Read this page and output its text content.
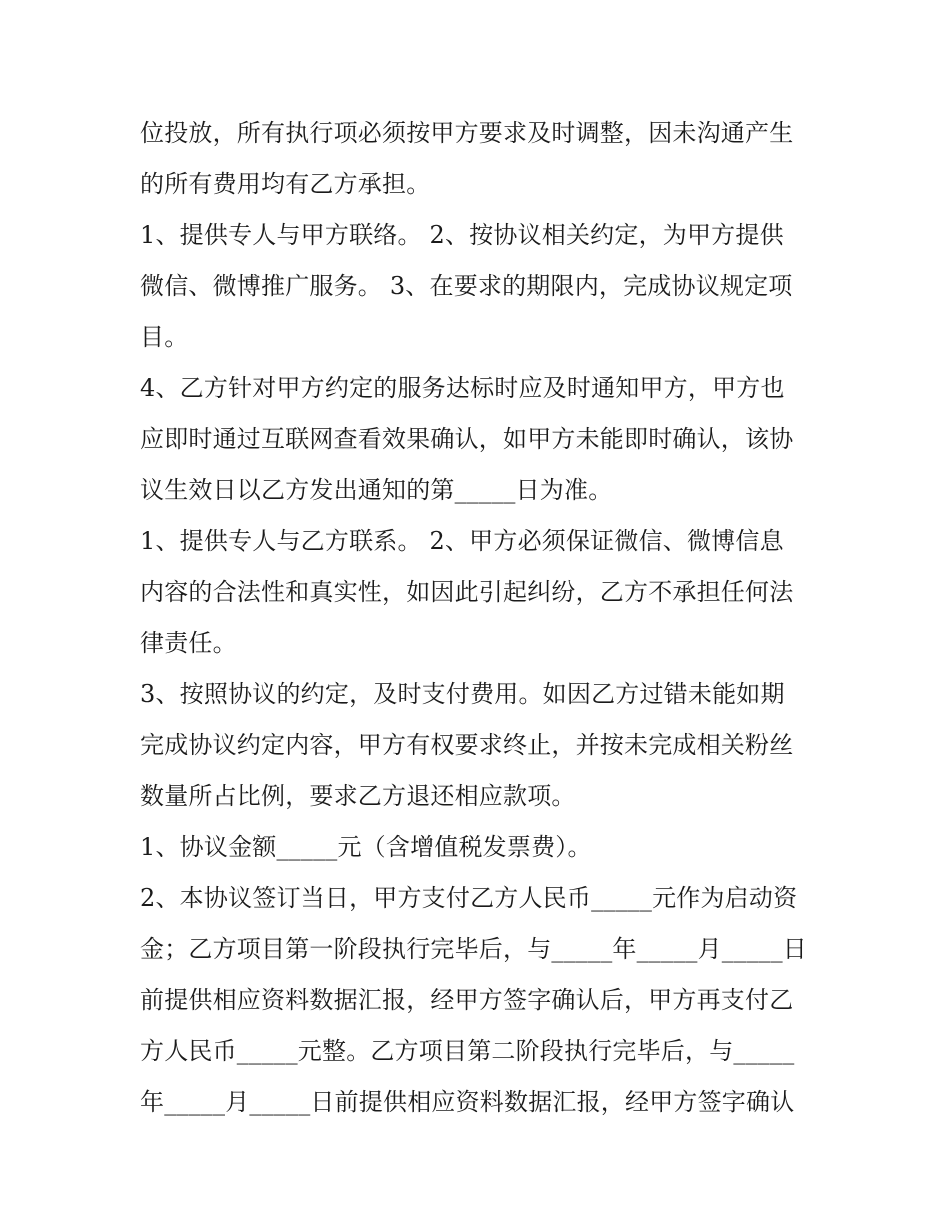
位投放，所有执行项必须按甲方要求及时调整，因未沟通产生
的所有费用均有乙方承担。
1、提供专人与甲方联络。 2、按协议相关约定，为甲方提供
微信、微博推广服务。 3、在要求的期限内，完成协议规定项
目。
4、乙方针对甲方约定的服务达标时应及时通知甲方，甲方也
应即时通过互联网查看效果确认，如甲方未能即时确认，该协
议生效日以乙方发出通知的第_____日为准。
1、提供专人与乙方联系。 2、甲方必须保证微信、微博信息
内容的合法性和真实性，如因此引起纠纷，乙方不承担任何法
律责任。
3、按照协议的约定，及时支付费用。如因乙方过错未能如期
完成协议约定内容，甲方有权要求终止，并按未完成相关粉丝
数量所占比例，要求乙方退还相应款项。
1、协议金额_____元（含增值税发票费）。
2、本协议签订当日，甲方支付乙方人民币_____元作为启动资
金；乙方项目第一阶段执行完毕后，与_____年_____月_____日
前提供相应资料数据汇报，经甲方签字确认后，甲方再支付乙
方人民币_____元整。乙方项目第二阶段执行完毕后，与_____
年_____月_____日前提供相应资料数据汇报，经甲方签字确认
